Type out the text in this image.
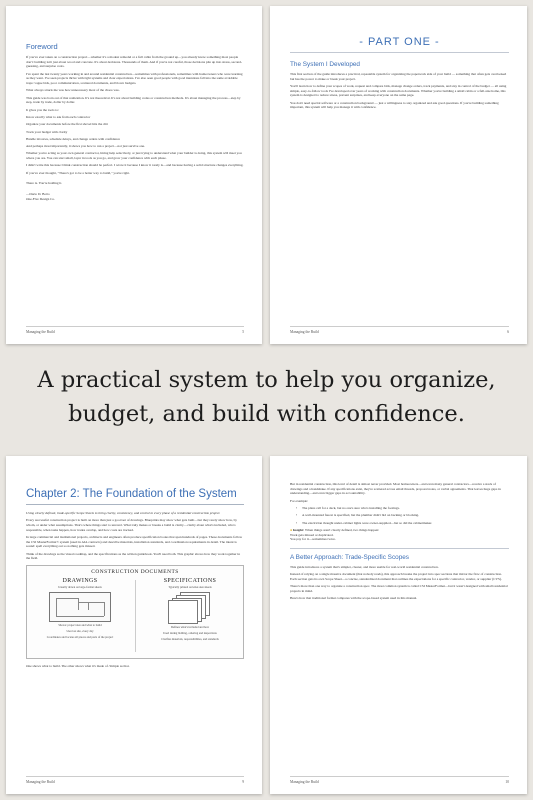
Foreword

If you've ever taken on a construction project—whether it's a modest remodel or a full cabin from the ground up—you already know something most people don't: building isn't just about wood and concrete. It's about decisions. Thousands of them. And if you're not careful, those decisions pile up into stress, second-guessing, and surprise costs.

I've spent the last twenty years working in and around residential construction—sometimes with professionals, sometimes with homeowners who were learning as they went. I've seen projects thrive with tight systems and clear expectations. I've also seen good people with good intentions fall into the same avoidable traps: vague bids, poor communication, scattered documents, and blown budgets.

What always struck me was how unnecessary most of the chaos was.

This guide was born out of that realization. It's not theoretical. It's not about building codes or construction methods. It's about managing the process—step by step, trade by trade, dollar by dollar.

It gives you the tools to:

Know exactly what to ask from each contractor

Organize your documents before the first shovel hits the dirt

Track your budget with clarity

Handle invoices, schedule delays, and change orders with confidence

And perhaps most importantly, it shows you how to run a project—not just survive one.

Whether you're acting as your own general contractor, hiring help selectively, or just trying to understand what your builder is doing, this system will meet you where you are. You can start small, layer in tools as you go, and grow your confidence with each phase.

I didn't write this because I think construction should be perfect. I wrote it because I know it rarely is—and because having a solid structure changes everything.

If you've ever thought, "There's got to be a better way to build," you're right.

There is. You're holding it.

—Dario D. Botto
One-Five Design Co.
Managing the Build	5
- PART ONE -
The System I Developed

This first section of the guide introduces a practical, repeatable system for organizing the paperwork side of your build — something that often gets overlooked but has the power to make or break your project.

You'll learn how to define your scopes of work, request and compare bids, manage change orders, track payments, and stay in control of the budget — all using simple, easy-to-follow tools I've developed over years of working with construction documents. Whether you're building a small cabin or a full-size home, this system is designed to reduce stress, prevent surprises, and keep everyone on the same page.

You don't need special software or a construction background — just a willingness to stay organized and ask good questions. If you're building something important, this system will help you manage it with confidence.

Managing the Build	6
A practical system to help you organize,
budget, and build with confidence.
Chapter 2: The Foundation of the System

Using clearly defined, trade-specific Scope Sheets to bring clarity, consistency, and control to every phase of a residential construction project.

Every successful construction project is built on more than just a good set of drawings. Blueprints may show what gets built—but they rarely show how, by whom, or under what assumptions. That's where things start to unravel. What truly makes or breaks a build is clarity—clarity about what's included, who's responsible, when tasks happen, how trades overlap, and how costs are tracked.

In large commercial and institutional projects, architects and engineers often produce specification books that span hundreds of pages. These documents follow the CSI MasterFormat® system (used in AIA contracts) and describe materials, installation standards, and coordination requirements in detail. The intent is sound: spell everything out so nothing gets missed.

Think of the drawings as the visual roadmap, and the specifications as the written guidebook. You'll need both. This graphic shows how they work together in the field.

CONSTRUCTION DOCUMENTS
DRAWINGS
Usually drawn on large-format sheets
Shows: project size and what to build
Used on site, every day
Coordinates and locates all pieces and parts of the project
SPECIFICATIONS
Typically printed on letter-size sheets
Defines what's included and how
Used during bidding, ordering and inspections
Clarifies materials, responsibilities, and standards

One shows what to build. The other shows what it's made of. Simple as that.

Managing the Build	9

But in residential construction, this level of detail is almost never provided. Most homeowners—and even many general contractors—receive a stack of drawings and a handshake. If any specifications exist, they're scattered across email threads, proposal notes, or verbal agreements. That leaves huge gaps in understanding—and even bigger gaps in accountability.

For example:

•	The plans call for a deck, but no one's sure who's installing the footings.
•	A wall-mounted faucet is specified, but the plumber didn't bid on backing or blocking.
•	The electrician thought under-cabinet lights were owner-supplied—but so did the cabinetmaker.
● Insight: When things aren't clearly defined, two things happen:
Work gets missed or duplicated.
You pay for it—sometimes twice.
A Better Approach: Trade-Specific Scopes

This guide introduces a system that's simpler, clearer, and more usable for real-world residential construction.

Instead of relying on a single massive document (that nobody reads), this approach breaks the project into spec sections that mirror the flow of construction. Each section gets its own Scope Sheet—a concise, standardized document that outlines the expectations for a specific contractor, vendor, or supplier (CVS).

There's more than one way to organize a construction spec. The most common system is called CSI MasterFormat—but it wasn't designed with small residential projects in mind.

Here's how that traditional format compares with the scope-based system used in this manual.

Managing the Build	10
